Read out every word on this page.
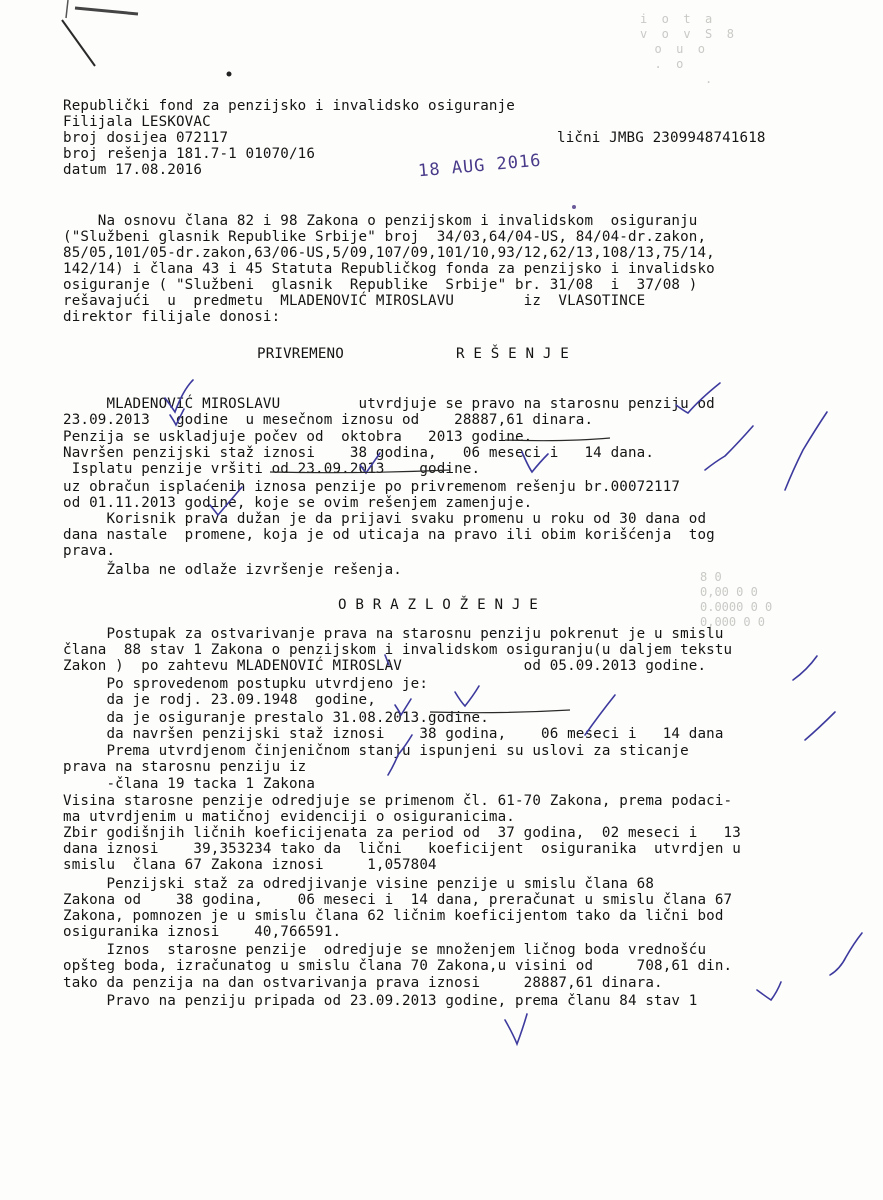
i  o  t  a
v  o  v  S  8
o  u  o
.  o
.
8 0
0,00 0 0
0.0000 0 0
0,000 0 0
Republički fond za penzijsko i invalidsko osiguranje
Filijala LESKOVAC
broj dosijea 072117	lični JMBG 2309948741618
broj rešenja 181.7-1 01070/16
datum 17.08.2016	18 AUG 2016
Na osnovu člana 82 i 98 Zakona o penzijskom i invalidskom  osiguranju
("Službeni glasnik Republike Srbije" broj  34/03,64/04-US, 84/04-dr.zakon,
85/05,101/05-dr.zakon,63/06-US,5/09,107/09,101/10,93/12,62/13,108/13,75/14,
142/14) i člana 43 i 45 Statuta Republičkog fonda za penzijsko i invalidsko
osiguranje ( "Službeni  glasnik  Republike  Srbije" br. 31/08  i  37/08 )
rešavajući  u  predmetu  MLADENOVIĆ MIROSLAVU        iz  VLASOTINCE
direktor filijale donosi:
PRIVREMENO	R E Š E N J E
MLADENOVIĆ MIROSLAVU         utvrdjuje se pravo na starosnu penziju od
23.09.2013   godine  u mesečnom iznosu od    28887,61 dinara.
Penzija se uskladjuje počev od  oktobra   2013 godine.
Navršen penzijski staž iznosi    38 godina,   06 meseci i   14 dana.
Isplatu penzije vršiti od 23.09.2013    godine.
uz obračun isplaćenih iznosa penzije po privremenom rešenju br.00072117
od 01.11.2013 godine, koje se ovim rešenjem zamenjuje.
Korisnik prava dužan je da prijavi svaku promenu u roku od 30 dana od
dana nastale  promene, koja je od uticaja na pravo ili obim korišćenja  tog
prava.
Žalba ne odlaže izvršenje rešenja.
O B R A Z L O Ž E N J E
Postupak za ostvarivanje prava na starosnu penziju pokrenut je u smislu
člana  88 stav 1 Zakona o penzijskom i invalidskom osiguranju(u daljem tekstu
Zakon )  po zahtevu MLADENOVIĆ MIROSLAV              od 05.09.2013 godine.
Po sprovedenom postupku utvrdjeno je:
da je rodj. 23.09.1948  godine,
da je osiguranje prestalo 31.08.2013.godine.
da navršen penzijski staž iznosi    38 godina,    06 meseci i   14 dana
Prema utvrdjenom činjeničnom stanju ispunjeni su uslovi za sticanje
prava na starosnu penziju iz
-člana 19 tacka 1 Zakona
Visina starosne penzije odredjuje se primenom čl. 61-70 Zakona, prema podaci-
ma utvrdjenim u matičnoj evidenciji o osiguranicima.
Zbir godišnjih ličnih koeficijenata za period od  37 godina,  02 meseci i   13
dana iznosi    39,353234 tako da  lični   koeficijent  osiguranika  utvrdjen u
smislu  člana 67 Zakona iznosi     1,057804
Penzijski staž za odredjivanje visine penzije u smislu člana 68
Zakona od    38 godina,    06 meseci i  14 dana, preračunat u smislu člana 67
Zakona, pomnozen je u smislu člana 62 ličnim koeficijentom tako da lični bod
osiguranika iznosi    40,766591.
Iznos  starosne penzije  odredjuje se množenjem ličnog boda vrednošću
opšteg boda, izračunatog u smislu člana 70 Zakona,u visini od     708,61 din.
tako da penzija na dan ostvarivanja prava iznosi     28887,61 dinara.
Pravo na penziju pripada od 23.09.2013 godine, prema članu 84 stav 1
